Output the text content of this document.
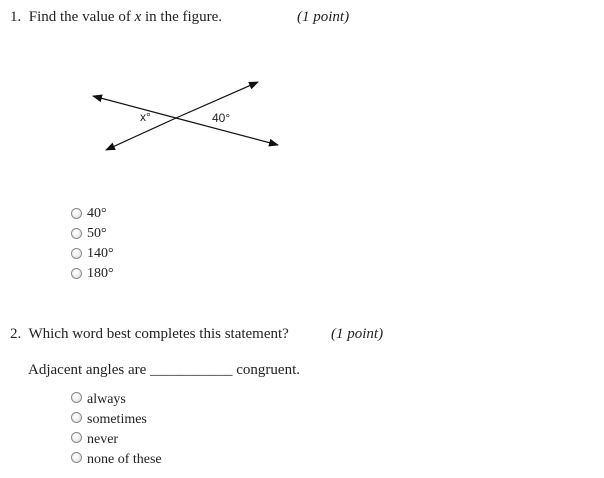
1. Find the value of x in the figure.	(1 point)
x°	40°
40°
50°
140°
180°
2. Which word best completes this statement?	(1 point)
Adjacent angles are ___________ congruent.
always
sometimes
never
none of these
